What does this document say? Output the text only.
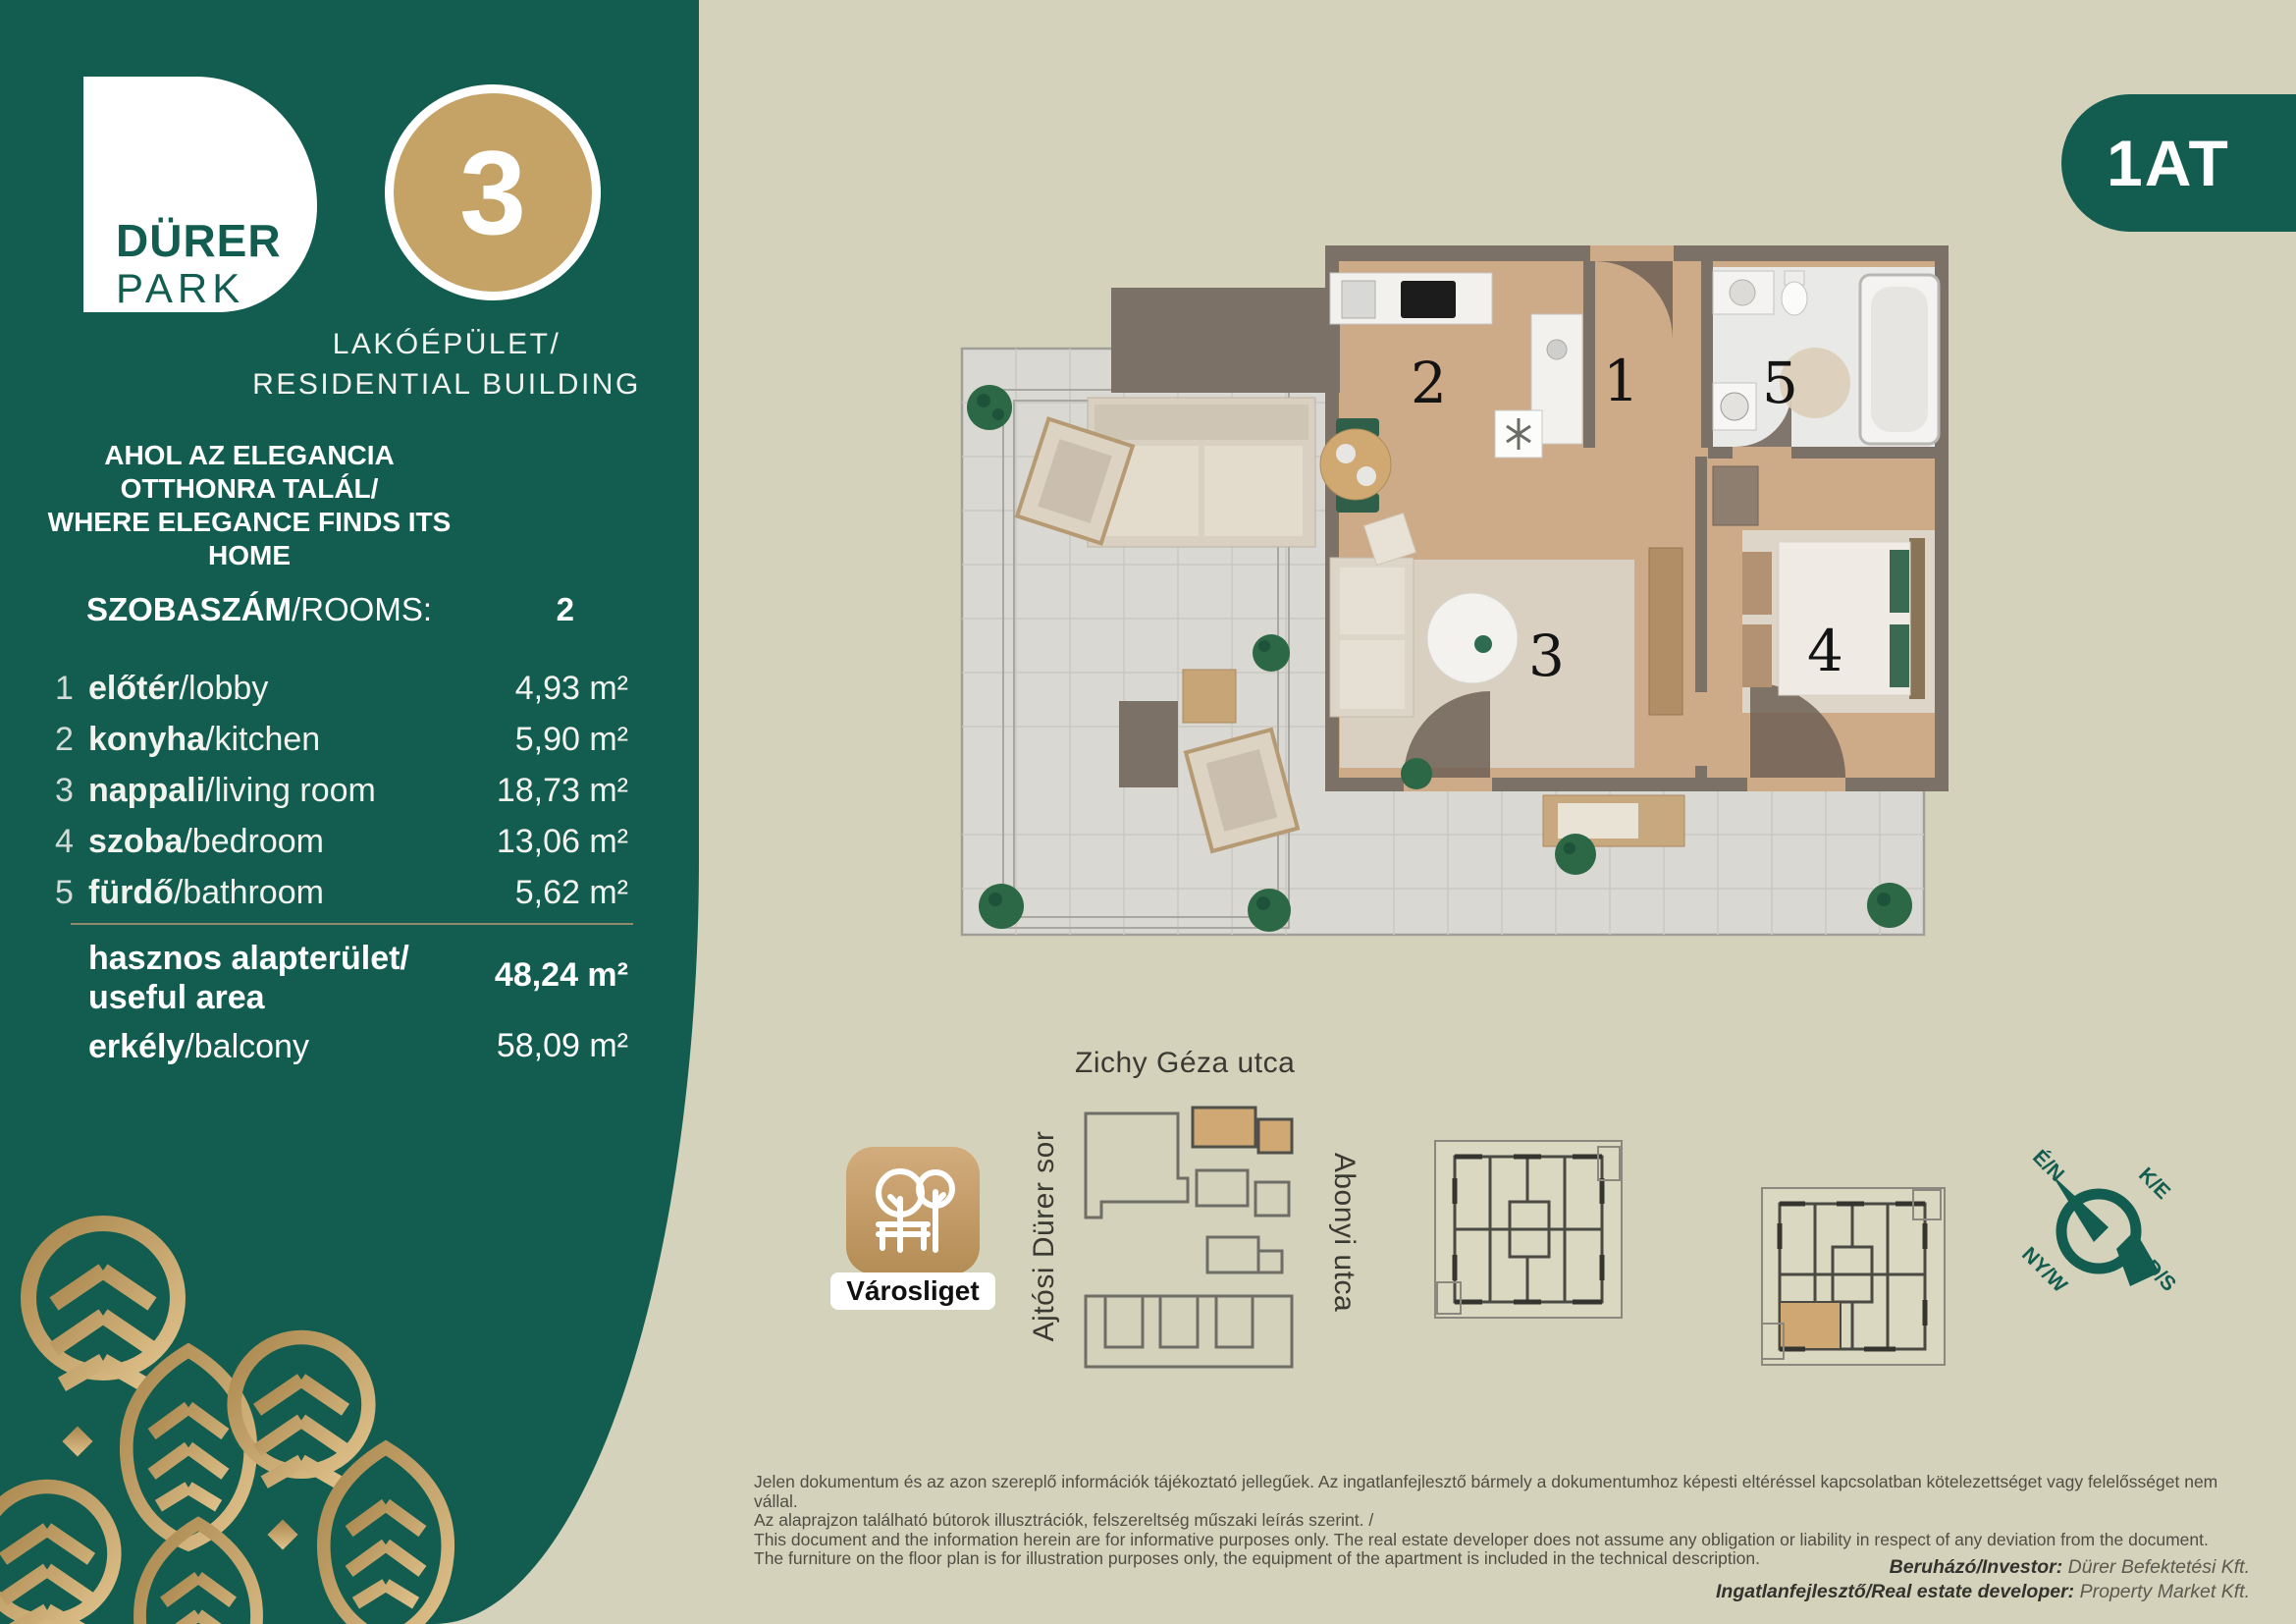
DÜRER
PARK
3
LAKÓÉPÜLET/
RESIDENTIAL BUILDING
AHOL AZ ELEGANCIA OTTHONRA TALÁL/
WHERE ELEGANCE FINDS ITS HOME
SZOBASZÁM/ROOMS:	2
1 előtér/lobby	4,93 m²
2 konyha/kitchen	5,90 m²
3 nappali/living room	18,73 m²
4 szoba/bedroom	13,06 m²
5 fürdő/bathroom	5,62 m²
hasznos alapterület/
useful area
48,24 m²
erkély/balcony	58,09 m²
1AT
2	1 5
3	4
Zichy Géza utca
Ajtósi Dürer sor	Abonyi utca
Városliget
É/N	K/E
NY/W	D/S
Jelen dokumentum és az azon szereplő információk tájékoztató jellegűek. Az ingatlanfejlesztő bármely a dokumentumhoz képesti eltéréssel kapcsolatban kötelezettséget vagy felelősséget nem vállal.
Az alaprajzon található bútorok illusztrációk, felszereltség műszaki leírás szerint. /
This document and the information herein are for informative purposes only. The real estate developer does not assume any obligation or liability in respect of any deviation from the document.
The furniture on the floor plan is for illustration purposes only, the equipment of the apartment is included in the technical description.	Beruházó/Investor: Dürer Befektetési Kft.
Ingatlanfejlesztő/Real estate developer: Property Market Kft.
